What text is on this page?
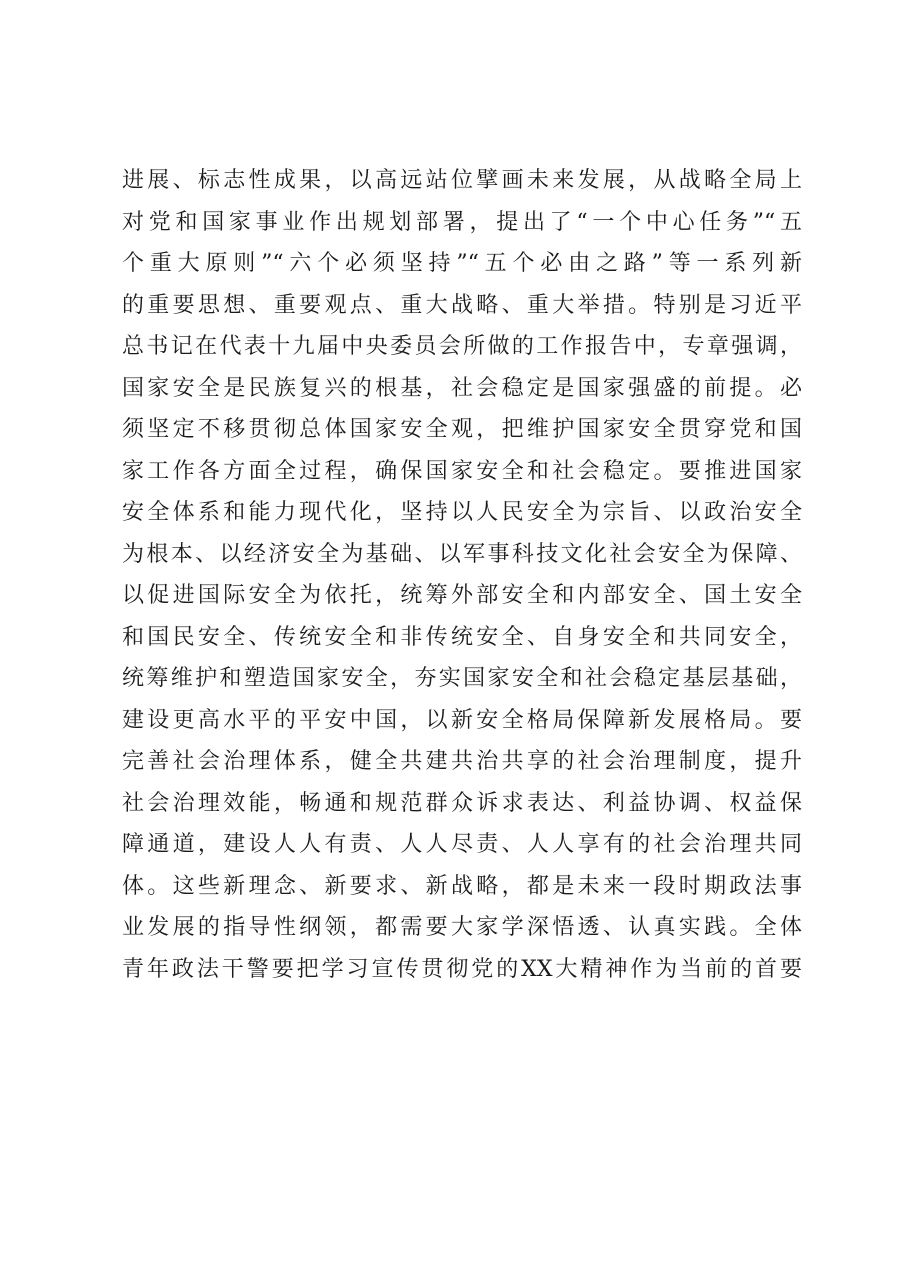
进展、标志性成果，以高远站位擘画未来发展，从战略全局上
对党和国家事业作出规划部署，提出了“一个中心任务”“五
个重大原则”“六个必须坚持”“五个必由之路”等一系列新
的重要思想、重要观点、重大战略、重大举措。特别是习近平
总书记在代表十九届中央委员会所做的工作报告中，专章强调，
国家安全是民族复兴的根基，社会稳定是国家强盛的前提。必
须坚定不移贯彻总体国家安全观，把维护国家安全贯穿党和国
家工作各方面全过程，确保国家安全和社会稳定。要推进国家
安全体系和能力现代化，坚持以人民安全为宗旨、以政治安全
为根本、以经济安全为基础、以军事科技文化社会安全为保障、
以促进国际安全为依托，统筹外部安全和内部安全、国土安全
和国民安全、传统安全和非传统安全、自身安全和共同安全，
统筹维护和塑造国家安全，夯实国家安全和社会稳定基层基础，
建设更高水平的平安中国，以新安全格局保障新发展格局。要
完善社会治理体系，健全共建共治共享的社会治理制度，提升
社会治理效能，畅通和规范群众诉求表达、利益协调、权益保
障通道，建设人人有责、人人尽责、人人享有的社会治理共同
体。这些新理念、新要求、新战略，都是未来一段时期政法事
业发展的指导性纲领，都需要大家学深悟透、认真实践。全体
青年政法干警要把学习宣传贯彻党的XX大精神作为当前的首要
